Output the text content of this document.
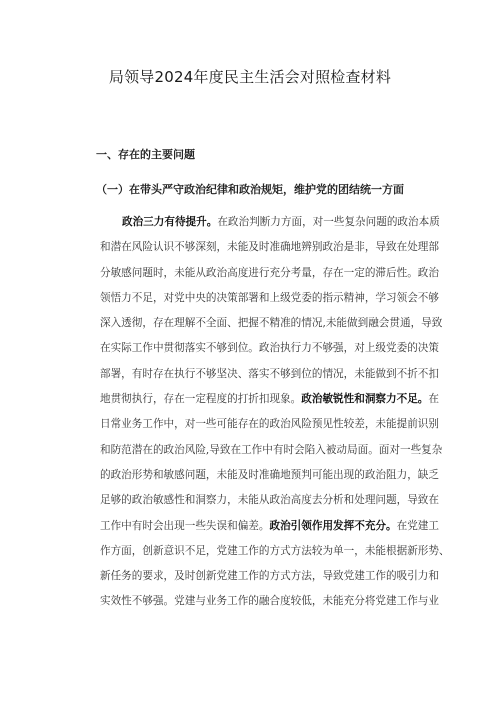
局领导2024年度民主生活会对照检查材料
一、存在的主要问题
（一）在带头严守政治纪律和政治规矩，维护党的团结统一方面
政治三力有待提升。在政治判断力方面，对一些复杂问题的政治本质
和潜在风险认识不够深刻，未能及时准确地辨别政治是非，导致在处理部
分敏感问题时，未能从政治高度进行充分考量，存在一定的滞后性。政治
领悟力不足，对党中央的决策部署和上级党委的指示精神，学习领会不够
深入透彻，存在理解不全面、把握不精准的情况,未能做到融会贯通，导致
在实际工作中贯彻落实不够到位。政治执行力不够强，对上级党委的决策
部署，有时存在执行不够坚决、落实不够到位的情况，未能做到不折不扣
地贯彻执行，存在一定程度的打折扣现象。政治敏锐性和洞察力不足。在
日常业务工作中，对一些可能存在的政治风险预见性较差，未能提前识别
和防范潜在的政治风险,导致在工作中有时会陷入被动局面。面对一些复杂
的政治形势和敏感问题，未能及时准确地预判可能出现的政治阻力，缺乏
足够的政治敏感性和洞察力，未能从政治高度去分析和处理问题，导致在
工作中有时会出现一些失误和偏差。政治引领作用发挥不充分。在党建工
作方面，创新意识不足，党建工作的方式方法较为单一，未能根据新形势、
新任务的要求，及时创新党建工作的方式方法，导致党建工作的吸引力和
实效性不够强。党建与业务工作的融合度较低，未能充分将党建工作与业
